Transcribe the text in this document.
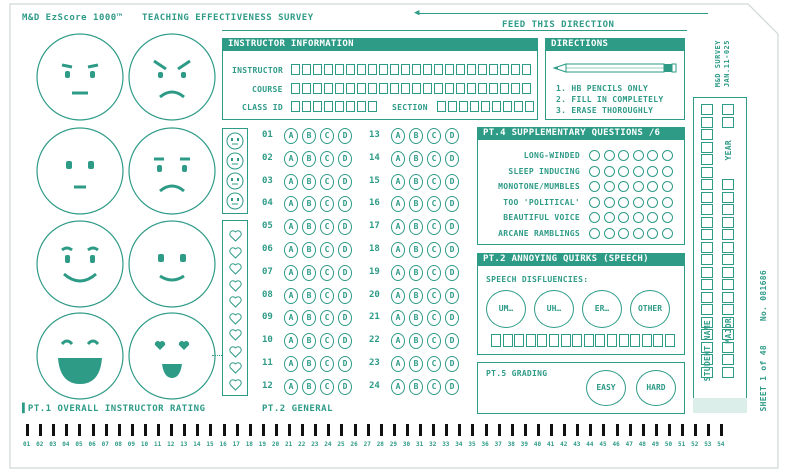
M&D EzScore 1000™ TEACHING EFFECTIVENESS SURVEY	◀
FEED THIS DIRECTION
M&D SURVEY
JAN.11-025
▌PT.1 OVERALL INSTRUCTOR RATING
INSTRUCTOR INFORMATION
INSTRUCTOR
COURSE
CLASS ID	SECTION
DIRECTIONS
1. HB PENCILS ONLY
2. FILL IN COMPLETELY
3. ERASE THOROUGHLY
01	A	B	C	D
02	A	B	C	D
03	A	B	C	D
04	A	B	C	D
05	A	B	C	D
06	A	B	C	D
07	A	B	C	D
08	A	B	C	D
09	A	B	C	D
10	A	B	C	D
11	A	B	C	D
12	A	B	C	D
13	A	B	C	D
14	A	B	C	D
15	A	B	C	D
16	A	B	C	D
17	A	B	C	D
18	A	B	C	D
19	A	B	C	D
20	A	B	C	D
21	A	B	C	D
22	A	B	C	D
23	A	B	C	D
24	A	B	C	D
PT.2 GENERAL
PT.4 SUPPLEMENTARY QUESTIONS /6
LONG-WINDED
SLEEP INDUCING
MONOTONE/MUMBLES
TOO 'POLITICAL'
BEAUTIFUL VOICE
ARCANE RAMBLINGS
PT.2 ANNOYING QUIRKS (SPEECH)
SPEECH DISFLUENCIES:
UM…	UH…	ER…	OTHER
PT.5 GRADING
EASY	HARD
YEAR
STUDENT NAME MAJOR
No. 081686
SHEET 1 of 48
01 02 03 04 05 06 07 08 09 10 11 12 13 14 15 16 17 18 19 20 21 22 23 24 25 26 27 28 29 30 31 32 33 34 35 36 37 38 39 40 41 42 43 44 45 46 47 48 49 50 51 52 53 54
